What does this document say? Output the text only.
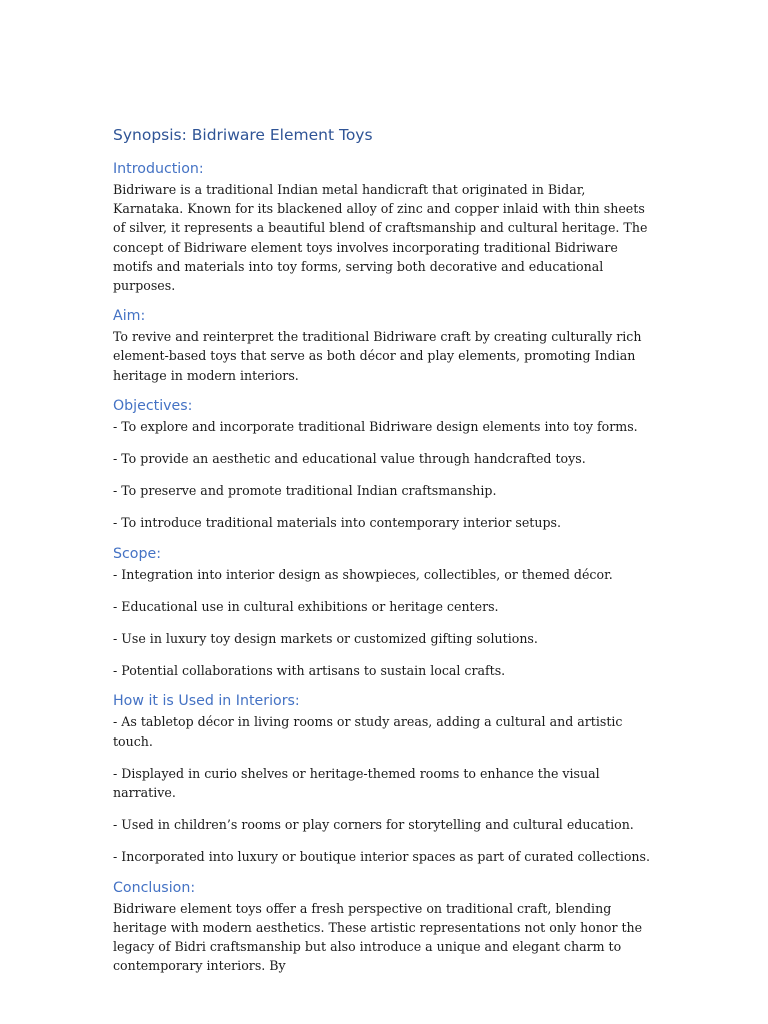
Synopsis: Bidriware Element Toys
Introduction:

Bidriware is a traditional Indian metal handicraft that originated in Bidar, Karnataka. Known for its blackened alloy of zinc and copper inlaid with thin sheets of silver, it represents a beautiful blend of craftsmanship and cultural heritage. The concept of Bidriware element toys involves incorporating traditional Bidriware motifs and materials into toy forms, serving both decorative and educational purposes.

Aim:

To revive and reinterpret the traditional Bidriware craft by creating culturally rich element-based toys that serve as both décor and play elements, promoting Indian heritage in modern interiors.

Objectives:

- To explore and incorporate traditional Bidriware design elements into toy forms.

- To provide an aesthetic and educational value through handcrafted toys.

- To preserve and promote traditional Indian craftsmanship.

- To introduce traditional materials into contemporary interior setups.

Scope:

- Integration into interior design as showpieces, collectibles, or themed décor.

- Educational use in cultural exhibitions or heritage centers.

- Use in luxury toy design markets or customized gifting solutions.

- Potential collaborations with artisans to sustain local crafts.

How it is Used in Interiors:

- As tabletop décor in living rooms or study areas, adding a cultural and artistic touch.

- Displayed in curio shelves or heritage-themed rooms to enhance the visual narrative.

- Used in children’s rooms or play corners for storytelling and cultural education.

- Incorporated into luxury or boutique interior spaces as part of curated collections.

Conclusion:

Bidriware element toys offer a fresh perspective on traditional craft, blending heritage with modern aesthetics. These artistic representations not only honor the legacy of Bidri craftsmanship but also introduce a unique and elegant charm to contemporary interiors. By
